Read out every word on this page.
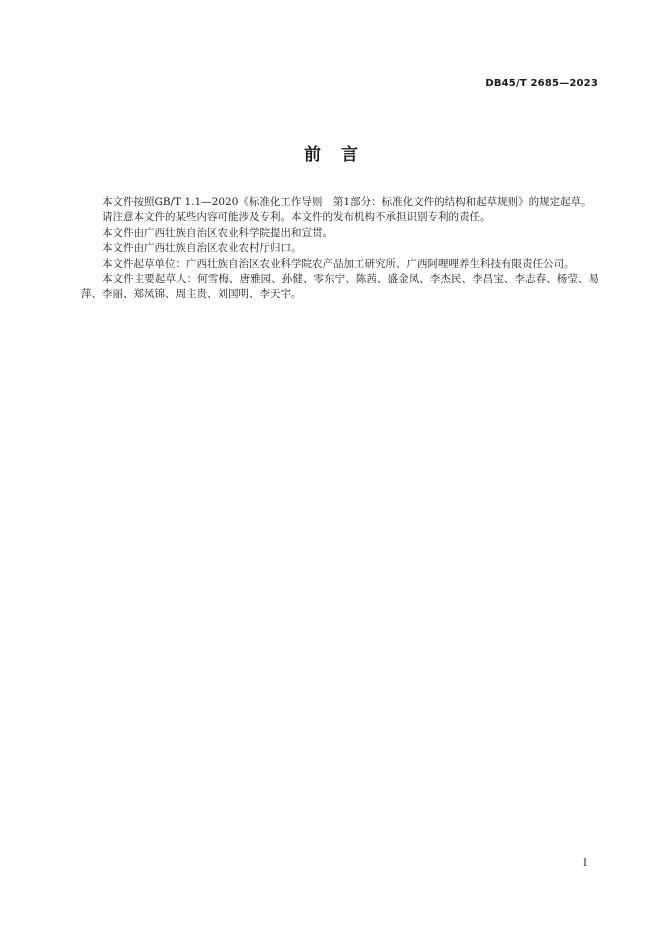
DB45/T 2685—2023
前言

本文件按照GB/T 1.1—2020《标准化工作导则　第1部分：标准化文件的结构和起草规则》的规定起草。

请注意本文件的某些内容可能涉及专利。本文件的发布机构不承担识别专利的责任。

本文件由广西壮族自治区农业科学院提出和宣贯。

本文件由广西壮族自治区农业农村厅归口。

本文件起草单位：广西壮族自治区农业科学院农产品加工研究所、广西阿哩哩养生科技有限责任公司。

本文件主要起草人：何雪梅、唐雅园、孙健、零东宁、陈茜、盛金凤、李杰民、李昌宝、李志春、杨莹、易萍、李丽、郑凤锦、周主贵、刘国明、李天宇。

I
